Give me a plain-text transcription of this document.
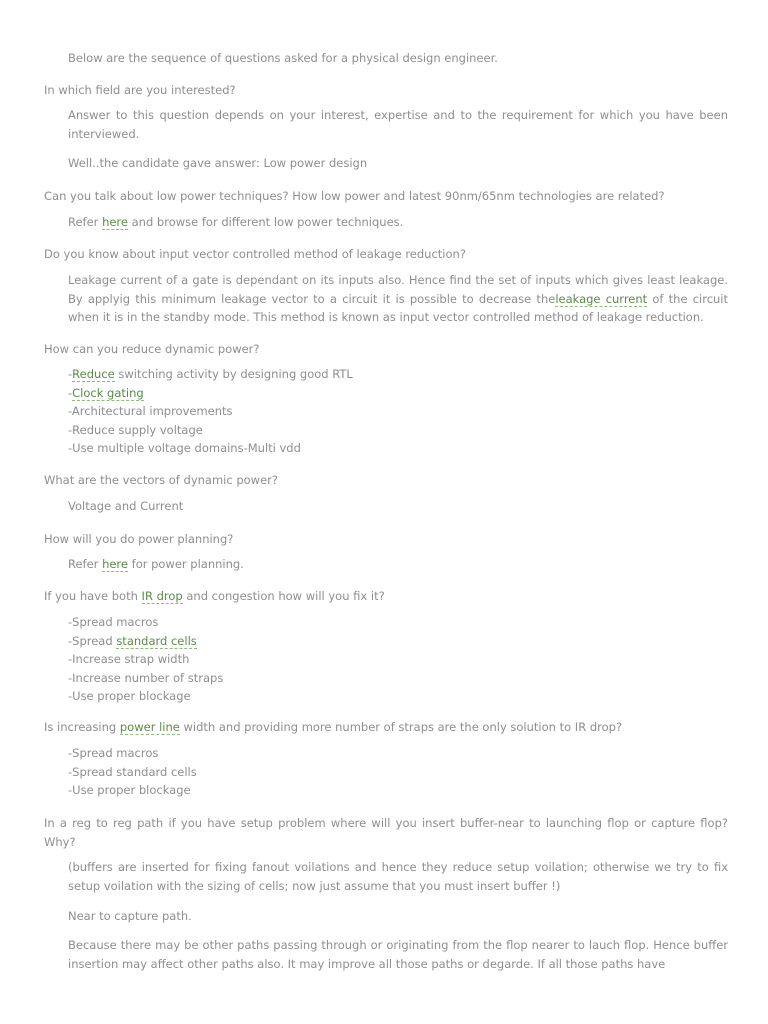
Below are the sequence of questions asked for a physical design engineer.

In which field are you interested?

Answer to this question depends on your interest, expertise and to the requirement for which you have been interviewed.

Well..the candidate gave answer: Low power design

Can you talk about low power techniques? How low power and latest 90nm/65nm technologies are related?

Refer here and browse for different low power techniques.

Do you know about input vector controlled method of leakage reduction?

Leakage current of a gate is dependant on its inputs also. Hence find the set of inputs which gives least leakage. By applyig this minimum leakage vector to a circuit it is possible to decrease theleakage current of the circuit when it is in the standby mode. This method is known as input vector controlled method of leakage reduction.

How can you reduce dynamic power?

-Reduce switching activity by designing good RTL
-Clock gating
-Architectural improvements
-Reduce supply voltage
-Use multiple voltage domains-Multi vdd

What are the vectors of dynamic power?

Voltage and Current

How will you do power planning?

Refer here for power planning.

If you have both IR drop and congestion how will you fix it?

-Spread macros
-Spread standard cells
-Increase strap width
-Increase number of straps
-Use proper blockage

Is increasing power line width and providing more number of straps are the only solution to IR drop?

-Spread macros
-Spread standard cells
-Use proper blockage

In a reg to reg path if you have setup problem where will you insert buffer-near to launching flop or capture flop? Why?

(buffers are inserted for fixing fanout voilations and hence they reduce setup voilation; otherwise we try to fix setup voilation with the sizing of cells; now just assume that you must insert buffer !)

Near to capture path.

Because there may be other paths passing through or originating from the flop nearer to lauch flop. Hence buffer insertion may affect other paths also. It may improve all those paths or degarde. If all those paths have
